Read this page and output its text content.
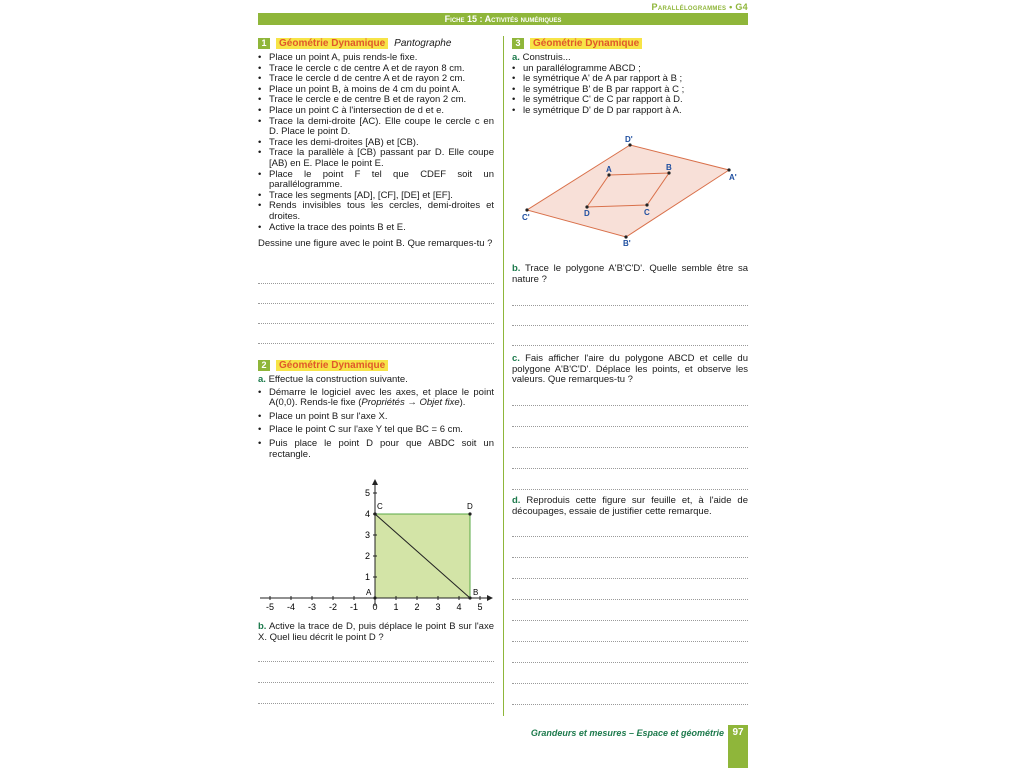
Parallélogrammes • G4
Fiche 15 : Activités numériques
1	Géométrie Dynamique Pantographe
• Place un point A, puis rends-le fixe.
• Trace le cercle c de centre A et de rayon 8 cm.
• Trace le cercle d de centre A et de rayon 2 cm.
• Place un point B, à moins de 4 cm du point A.
• Trace le cercle e de centre B et de rayon 2 cm.
• Place un point C à l'intersection de d et e.
• Trace la demi-droite [AC). Elle coupe le cercle c en D. Place le point D.
• Trace les demi-droites [AB) et [CB).
• Trace la parallèle à [CB) passant par D. Elle coupe [AB) en E. Place le point E.
• Place le point F tel que CDEF soit un parallélogramme.
• Trace les segments [AD], [CF], [DE] et [EF].
• Rends invisibles tous les cercles, demi-droites et droites.
• Active la trace des points B et E.
Dessine une figure avec le point B. Que remarques-tu ?
2	Géométrie Dynamique
a. Effectue la construction suivante.
• Démarre le logiciel avec les axes, et place le point A(0,0). Rends-le fixe (Propriétés → Objet fixe).
• Place un point B sur l'axe X.
• Place le point C sur l'axe Y tel que BC = 6 cm.
• Puis place le point D pour que ABDC soit un rectangle.
-5 -4 -3 -2 -1 0 1 2 3 4 5
1
2
3
4
5
A	B
C	D
b. Active la trace de D, puis déplace le point B sur l'axe X. Quel lieu décrit le point D ?
3	Géométrie Dynamique
a. Construis...
• un parallélogramme ABCD ;
• le symétrique A' de A par rapport à B ;
• le symétrique B' de B par rapport à C ;
• le symétrique C' de C par rapport à D.
• le symétrique D' de D par rapport à A.
D'
A'
B'
C'
A	B
C
D
b. Trace le polygone A'B'C'D'. Quelle semble être sa nature ?
c. Fais afficher l'aire du polygone ABCD et celle du polygone A'B'C'D'. Déplace les points, et observe les valeurs. Que remarques-tu ?
d. Reproduis cette figure sur feuille et, à l'aide de découpages, essaie de justifier cette remarque.
Grandeurs et mesures – Espace et géométrie 97
